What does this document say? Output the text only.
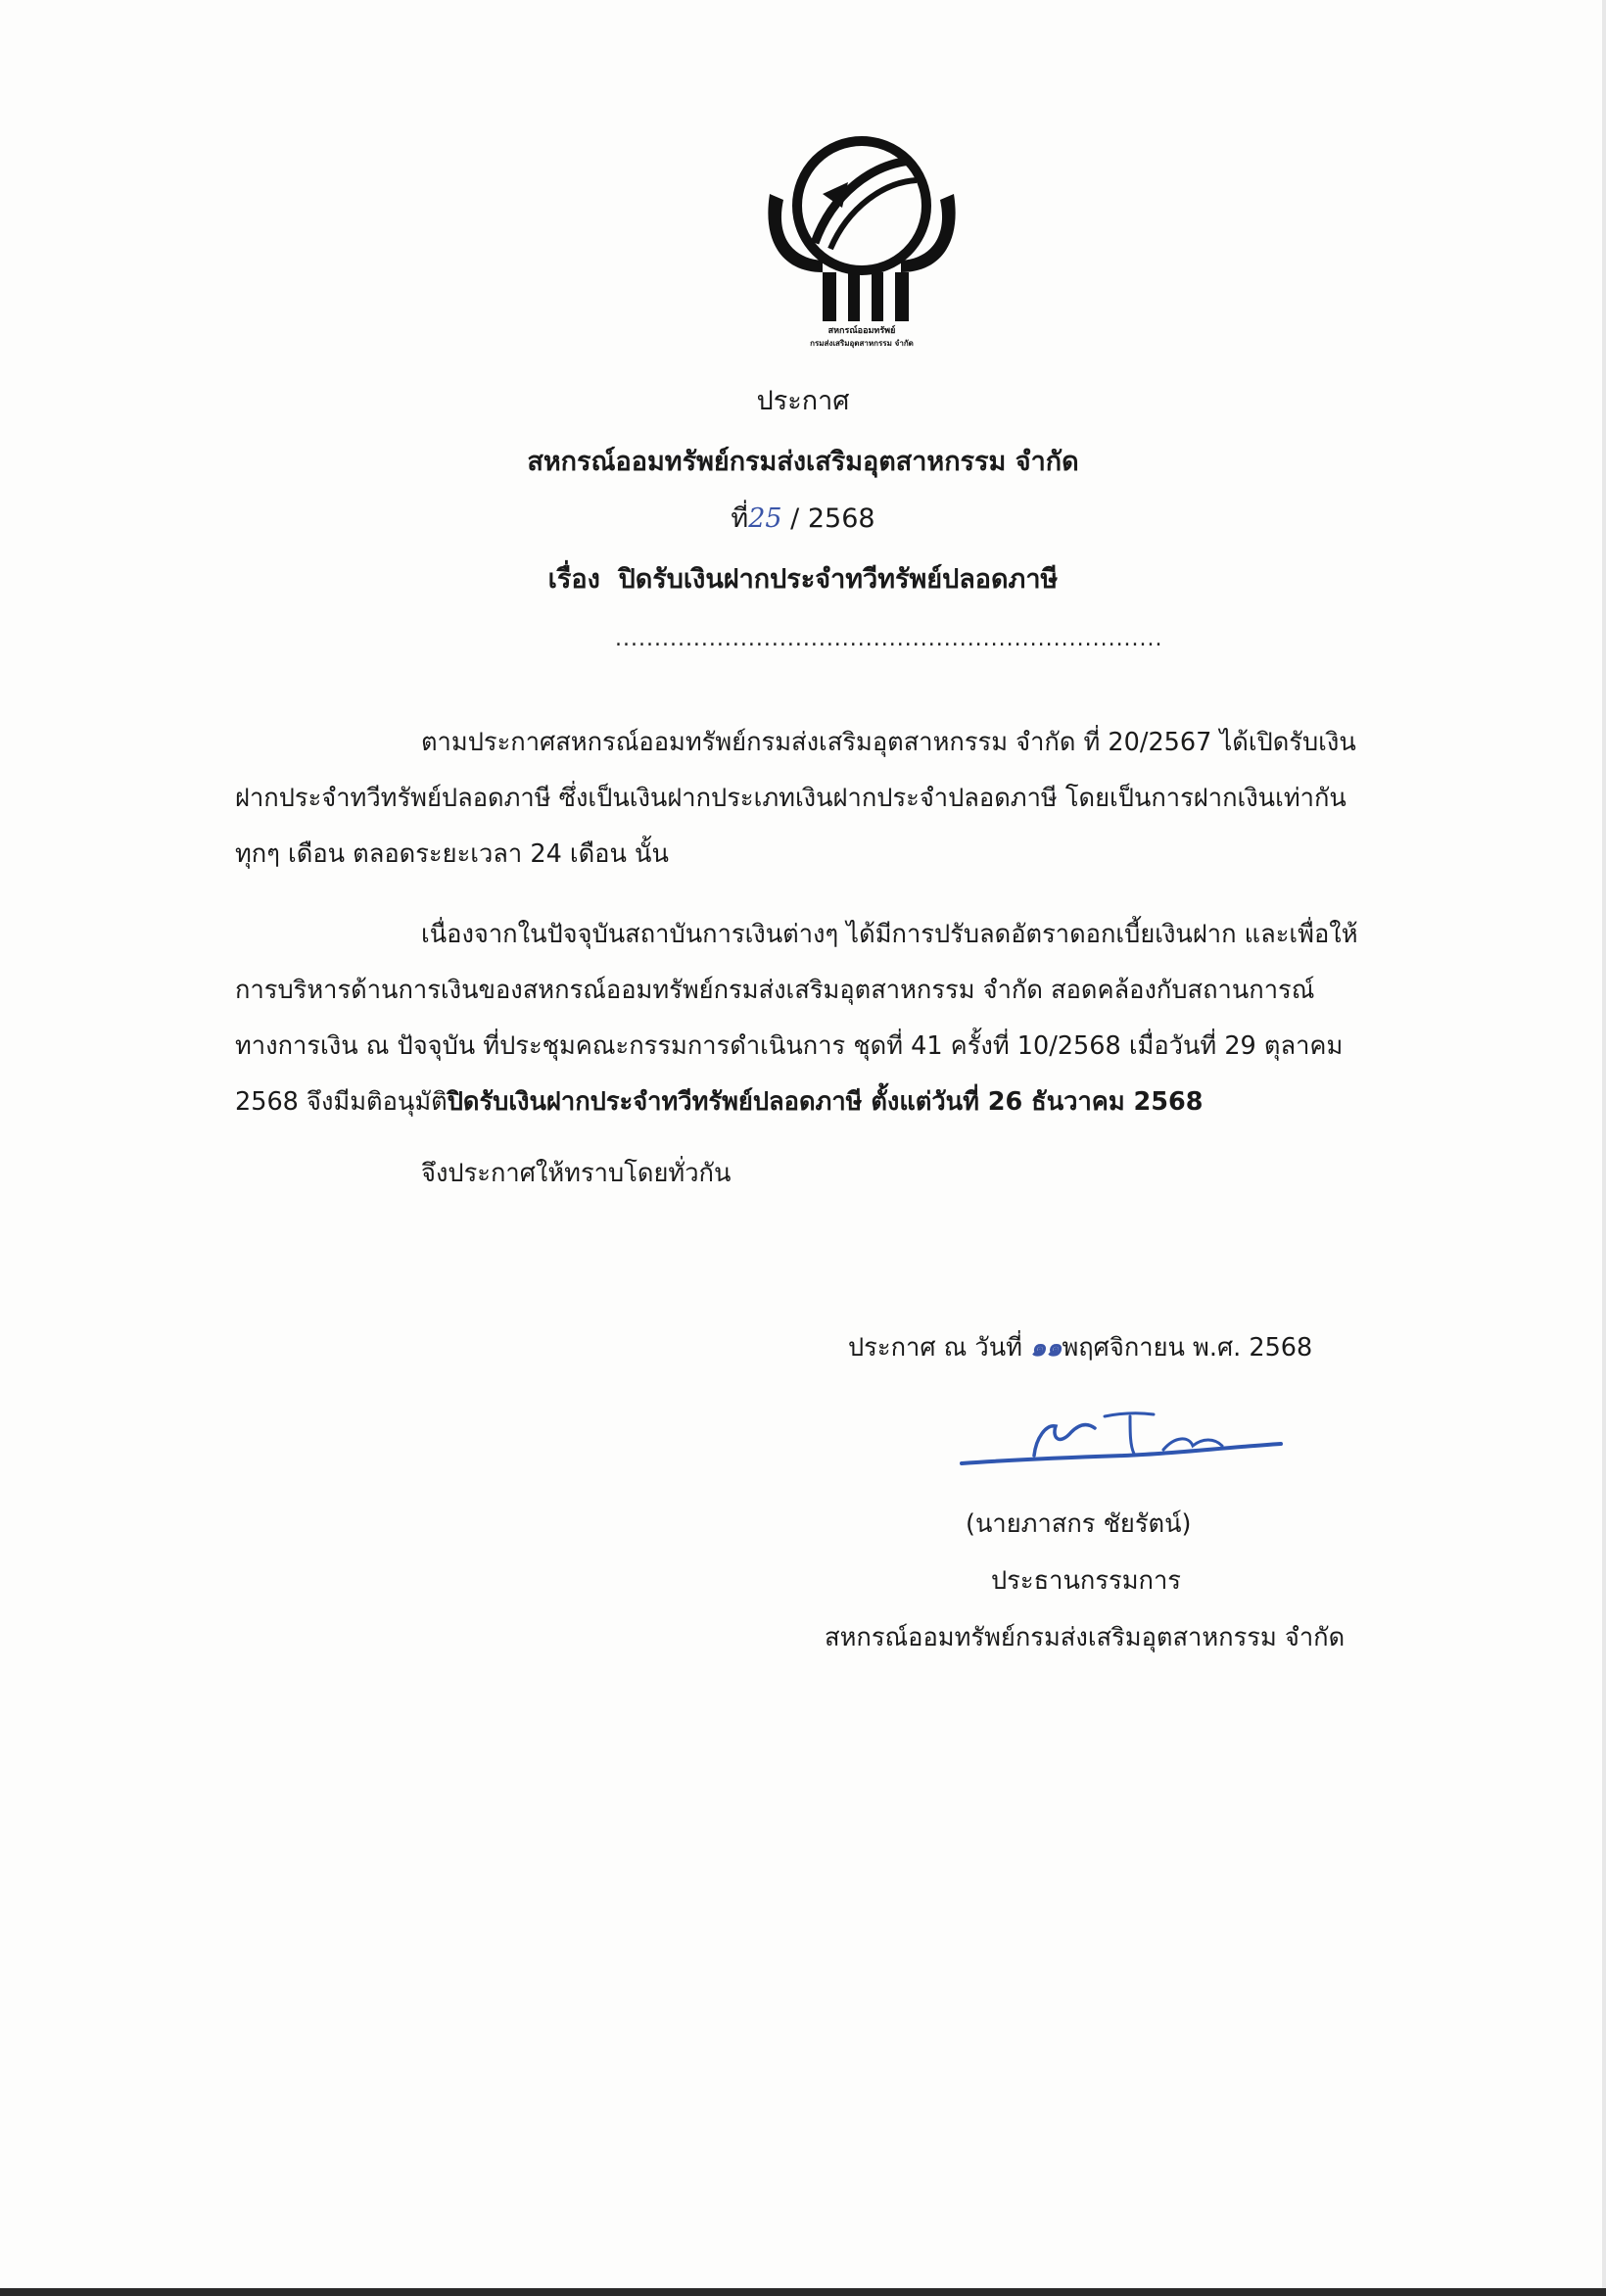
สหกรณ์ออมทรัพย์
กรมส่งเสริมอุตสาหกรรม จำกัด
ประกาศ
สหกรณ์ออมทรัพย์กรมส่งเสริมอุตสาหกรรม จำกัด
ที่25 / 2568
เรื่อง ปิดรับเงินฝากประจำทวีทรัพย์ปลอดภาษี
......................................................................
ตามประกาศสหกรณ์ออมทรัพย์กรมส่งเสริมอุตสาหกรรม จำกัด ที่ 20/2567 ได้เปิดรับเงิน
ฝากประจำทวีทรัพย์ปลอดภาษี ซึ่งเป็นเงินฝากประเภทเงินฝากประจำปลอดภาษี โดยเป็นการฝากเงินเท่ากัน
ทุกๆ เดือน ตลอดระยะเวลา 24 เดือน นั้น
เนื่องจากในปัจจุบันสถาบันการเงินต่างๆ ได้มีการปรับลดอัตราดอกเบี้ยเงินฝาก และเพื่อให้
การบริหารด้านการเงินของสหกรณ์ออมทรัพย์กรมส่งเสริมอุตสาหกรรม จำกัด สอดคล้องกับสถานการณ์
ทางการเงิน ณ ปัจจุบัน ที่ประชุมคณะกรรมการดำเนินการ ชุดที่ 41 ครั้งที่ 10/2568 เมื่อวันที่ 29 ตุลาคม
2568 จึงมีมติอนุมัติปิดรับเงินฝากประจำทวีทรัพย์ปลอดภาษี ตั้งแต่วันที่ 26 ธันวาคม 2568
จึงประกาศให้ทราบโดยทั่วกัน
ประกาศ ณ วันที่ ๑๑พฤศจิกายน พ.ศ. 2568
(นายภาสกร ชัยรัตน์)
ประธานกรรมการ
สหกรณ์ออมทรัพย์กรมส่งเสริมอุตสาหกรรม จำกัด
